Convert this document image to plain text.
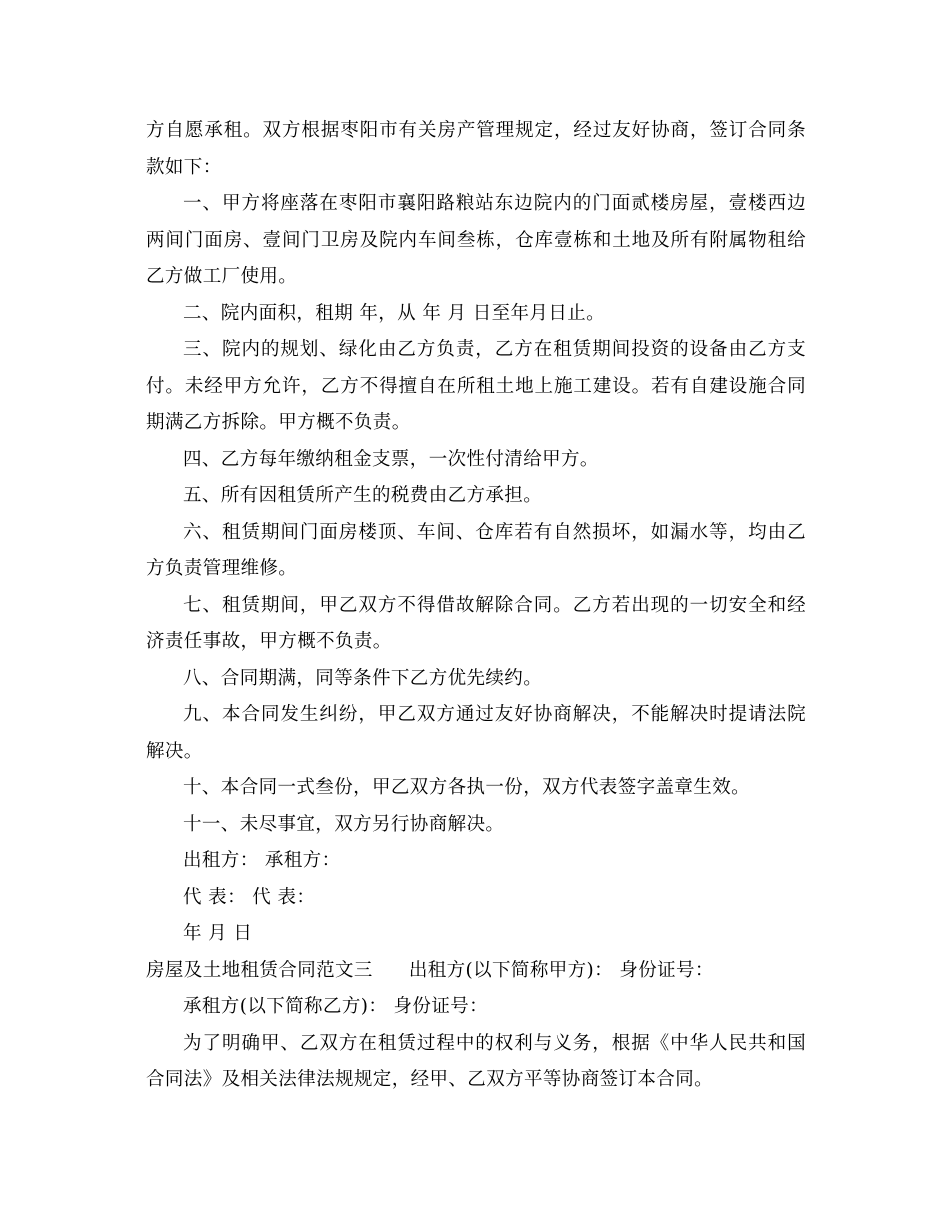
方自愿承租。双方根据枣阳市有关房产管理规定，经过友好协商，签订合同条款如下：

一、甲方将座落在枣阳市襄阳路粮站东边院内的门面贰楼房屋，壹楼西边两间门面房、壹间门卫房及院内车间叁栋，仓库壹栋和土地及所有附属物租给乙方做工厂使用。

二、院内面积，租期 年，从 年 月 日至年月日止。

三、院内的规划、绿化由乙方负责，乙方在租赁期间投资的设备由乙方支付。未经甲方允许，乙方不得擅自在所租土地上施工建设。若有自建设施合同期满乙方拆除。甲方概不负责。

四、乙方每年缴纳租金支票，一次性付清给甲方。

五、所有因租赁所产生的税费由乙方承担。

六、租赁期间门面房楼顶、车间、仓库若有自然损坏，如漏水等，均由乙方负责管理维修。

七、租赁期间，甲乙双方不得借故解除合同。乙方若出现的一切安全和经济责任事故，甲方概不负责。

八、合同期满，同等条件下乙方优先续约。

九、本合同发生纠纷，甲乙双方通过友好协商解决，不能解决时提请法院解决。

十、本合同一式叁份，甲乙双方各执一份，双方代表签字盖章生效。

十一、未尽事宜，双方另行协商解决。

出租方： 承租方：

代 表： 代 表：

年 月 日

房屋及土地租赁合同范文三 出租方(以下简称甲方)： 身份证号：

承租方(以下简称乙方)： 身份证号：

为了明确甲、乙双方在租赁过程中的权利与义务，根据《中华人民共和国合同法》及相关法律法规规定，经甲、乙双方平等协商签订本合同。
